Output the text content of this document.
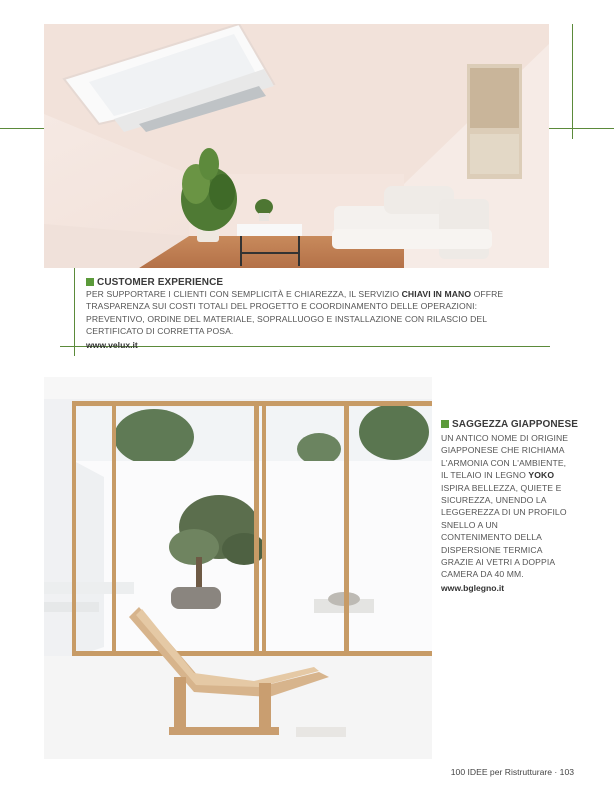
CUSTOMER EXPERIENCE
PER SUPPORTARE I CLIENTI CON SEMPLICITÀ E CHIAREZZA, IL SERVIZIO CHIAVI IN MANO OFFRE TRASPARENZA SUI COSTI TOTALI DEL PROGETTO E COORDINAMENTO DELLE OPERAZIONI: PREVENTIVO, ORDINE DEL MATERIALE, SOPRALLUOGO E INSTALLAZIONE CON RILASCIO DEL CERTIFICATO DI CORRETTA POSA.
www.velux.it
SAGGEZZA GIAPPONESE
UN ANTICO NOME DI ORIGINE GIAPPONESE CHE RICHIAMA L'ARMONIA CON L'AMBIENTE, IL TELAIO IN LEGNO YOKO ISPIRA BELLEZZA, QUIETE E SICUREZZA, UNENDO LA LEGGEREZZA DI UN PROFILO SNELLO A UN CONTENIMENTO DELLA DISPERSIONE TERMICA GRAZIE AI VETRI A DOPPIA CAMERA DA 40 MM.
www.bglegno.it
100 IDEE per Ristrutturare · 103
